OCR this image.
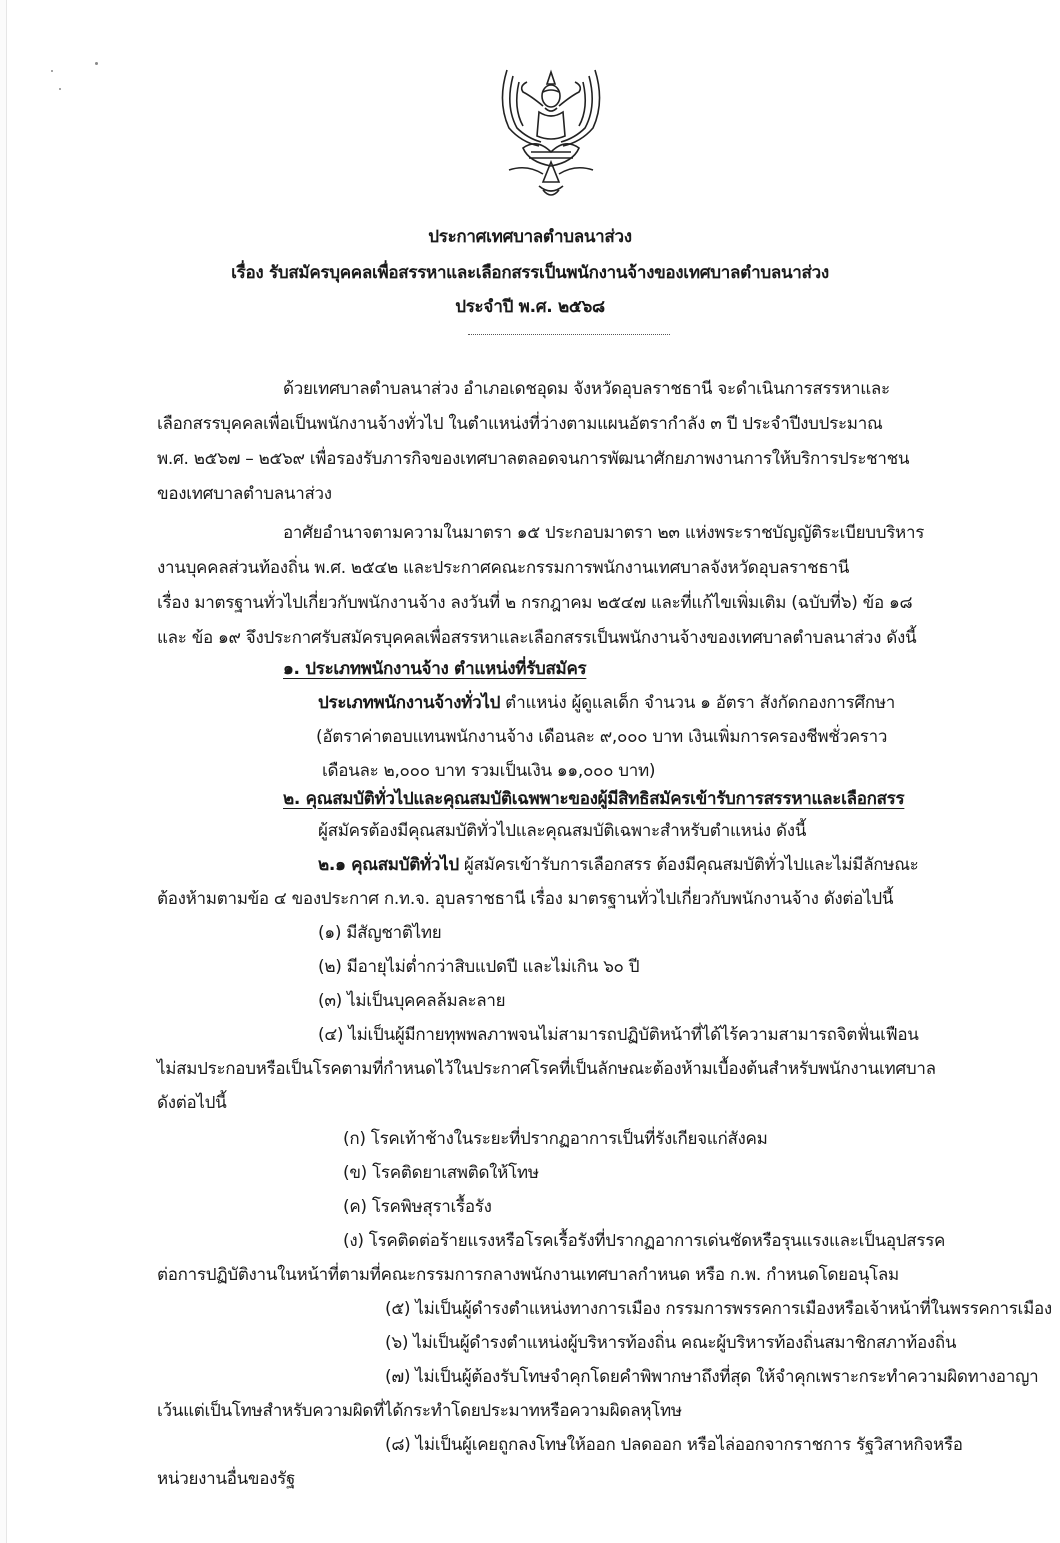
ประกาศเทศบาลตำบลนาส่วง
เรื่อง รับสมัครบุคคลเพื่อสรรหาและเลือกสรรเป็นพนักงานจ้างของเทศบาลตำบลนาส่วง
ประจำปี พ.ศ. ๒๕๖๘
ด้วยเทศบาลตำบลนาส่วง อำเภอเดชอุดม จังหวัดอุบลราชธานี จะดำเนินการสรรหาและ
เลือกสรรบุคคลเพื่อเป็นพนักงานจ้างทั่วไป ในตำแหน่งที่ว่างตามแผนอัตรากำลัง ๓ ปี ประจำปีงบประมาณ
พ.ศ. ๒๕๖๗ – ๒๕๖๙ เพื่อรองรับภารกิจของเทศบาลตลอดจนการพัฒนาศักยภาพงานการให้บริการประชาชน
ของเทศบาลตำบลนาส่วง
อาศัยอำนาจตามความในมาตรา ๑๕ ประกอบมาตรา ๒๓ แห่งพระราชบัญญัติระเบียบบริหาร
งานบุคคลส่วนท้องถิ่น พ.ศ. ๒๕๔๒ และประกาศคณะกรรมการพนักงานเทศบาลจังหวัดอุบลราชธานี
เรื่อง มาตรฐานทั่วไปเกี่ยวกับพนักงานจ้าง ลงวันที่ ๒ กรกฎาคม ๒๕๔๗ และที่แก้ไขเพิ่มเติม (ฉบับที่๖) ข้อ ๑๘
และ ข้อ ๑๙ จึงประกาศรับสมัครบุคคลเพื่อสรรหาและเลือกสรรเป็นพนักงานจ้างของเทศบาลตำบลนาส่วง ดังนี้
๑. ประเภทพนักงานจ้าง ตำแหน่งที่รับสมัคร
ประเภทพนักงานจ้างทั่วไป ตำแหน่ง ผู้ดูแลเด็ก จำนวน ๑ อัตรา สังกัดกองการศึกษา
(อัตราค่าตอบแทนพนักงานจ้าง เดือนละ ๙,๐๐๐ บาท เงินเพิ่มการครองชีพชั่วคราว
เดือนละ ๒,๐๐๐ บาท รวมเป็นเงิน ๑๑,๐๐๐ บาท)
๒. คุณสมบัติทั่วไปและคุณสมบัติเฉพพาะของผู้มีสิทธิสมัครเข้ารับการสรรหาและเลือกสรร
ผู้สมัครต้องมีคุณสมบัติทั่วไปและคุณสมบัติเฉพาะสำหรับตำแหน่ง ดังนี้
๒.๑ คุณสมบัติทั่วไป ผู้สมัครเข้ารับการเลือกสรร ต้องมีคุณสมบัติทั่วไปและไม่มีลักษณะ
ต้องห้ามตามข้อ ๔ ของประกาศ ก.ท.จ. อุบลราชธานี เรื่อง มาตรฐานทั่วไปเกี่ยวกับพนักงานจ้าง ดังต่อไปนี้
(๑) มีสัญชาติไทย
(๒) มีอายุไม่ต่ำกว่าสิบแปดปี และไม่เกิน ๖๐ ปี
(๓) ไม่เป็นบุคคลล้มละลาย
(๔) ไม่เป็นผู้มีกายทุพพลภาพจนไม่สามารถปฏิบัติหน้าที่ได้ไร้ความสามารถจิตฟั่นเฟือน
ไม่สมประกอบหรือเป็นโรคตามที่กำหนดไว้ในประกาศโรคที่เป็นลักษณะต้องห้ามเบื้องต้นสำหรับพนักงานเทศบาล
ดังต่อไปนี้
(ก) โรคเท้าช้างในระยะที่ปรากฏอาการเป็นที่รังเกียจแก่สังคม
(ข) โรคติดยาเสพติดให้โทษ
(ค) โรคพิษสุราเรื้อรัง
(ง) โรคติดต่อร้ายแรงหรือโรคเรื้อรังที่ปรากฏอาการเด่นชัดหรือรุนแรงและเป็นอุปสรรค
ต่อการปฏิบัติงานในหน้าที่ตามที่คณะกรรมการกลางพนักงานเทศบาลกำหนด หรือ ก.พ. กำหนดโดยอนุโลม
(๕) ไม่เป็นผู้ดำรงตำแหน่งทางการเมือง กรรมการพรรคการเมืองหรือเจ้าหน้าที่ในพรรคการเมือง
(๖) ไม่เป็นผู้ดำรงตำแหน่งผู้บริหารท้องถิ่น คณะผู้บริหารท้องถิ่นสมาชิกสภาท้องถิ่น
(๗) ไม่เป็นผู้ต้องรับโทษจำคุกโดยคำพิพากษาถึงที่สุด ให้จำคุกเพราะกระทำความผิดทางอาญา
เว้นแต่เป็นโทษสำหรับความผิดที่ได้กระทำโดยประมาทหรือความผิดลหุโทษ
(๘) ไม่เป็นผู้เคยถูกลงโทษให้ออก ปลดออก หรือไล่ออกจากราชการ รัฐวิสาหกิจหรือ
หน่วยงานอื่นของรัฐ
